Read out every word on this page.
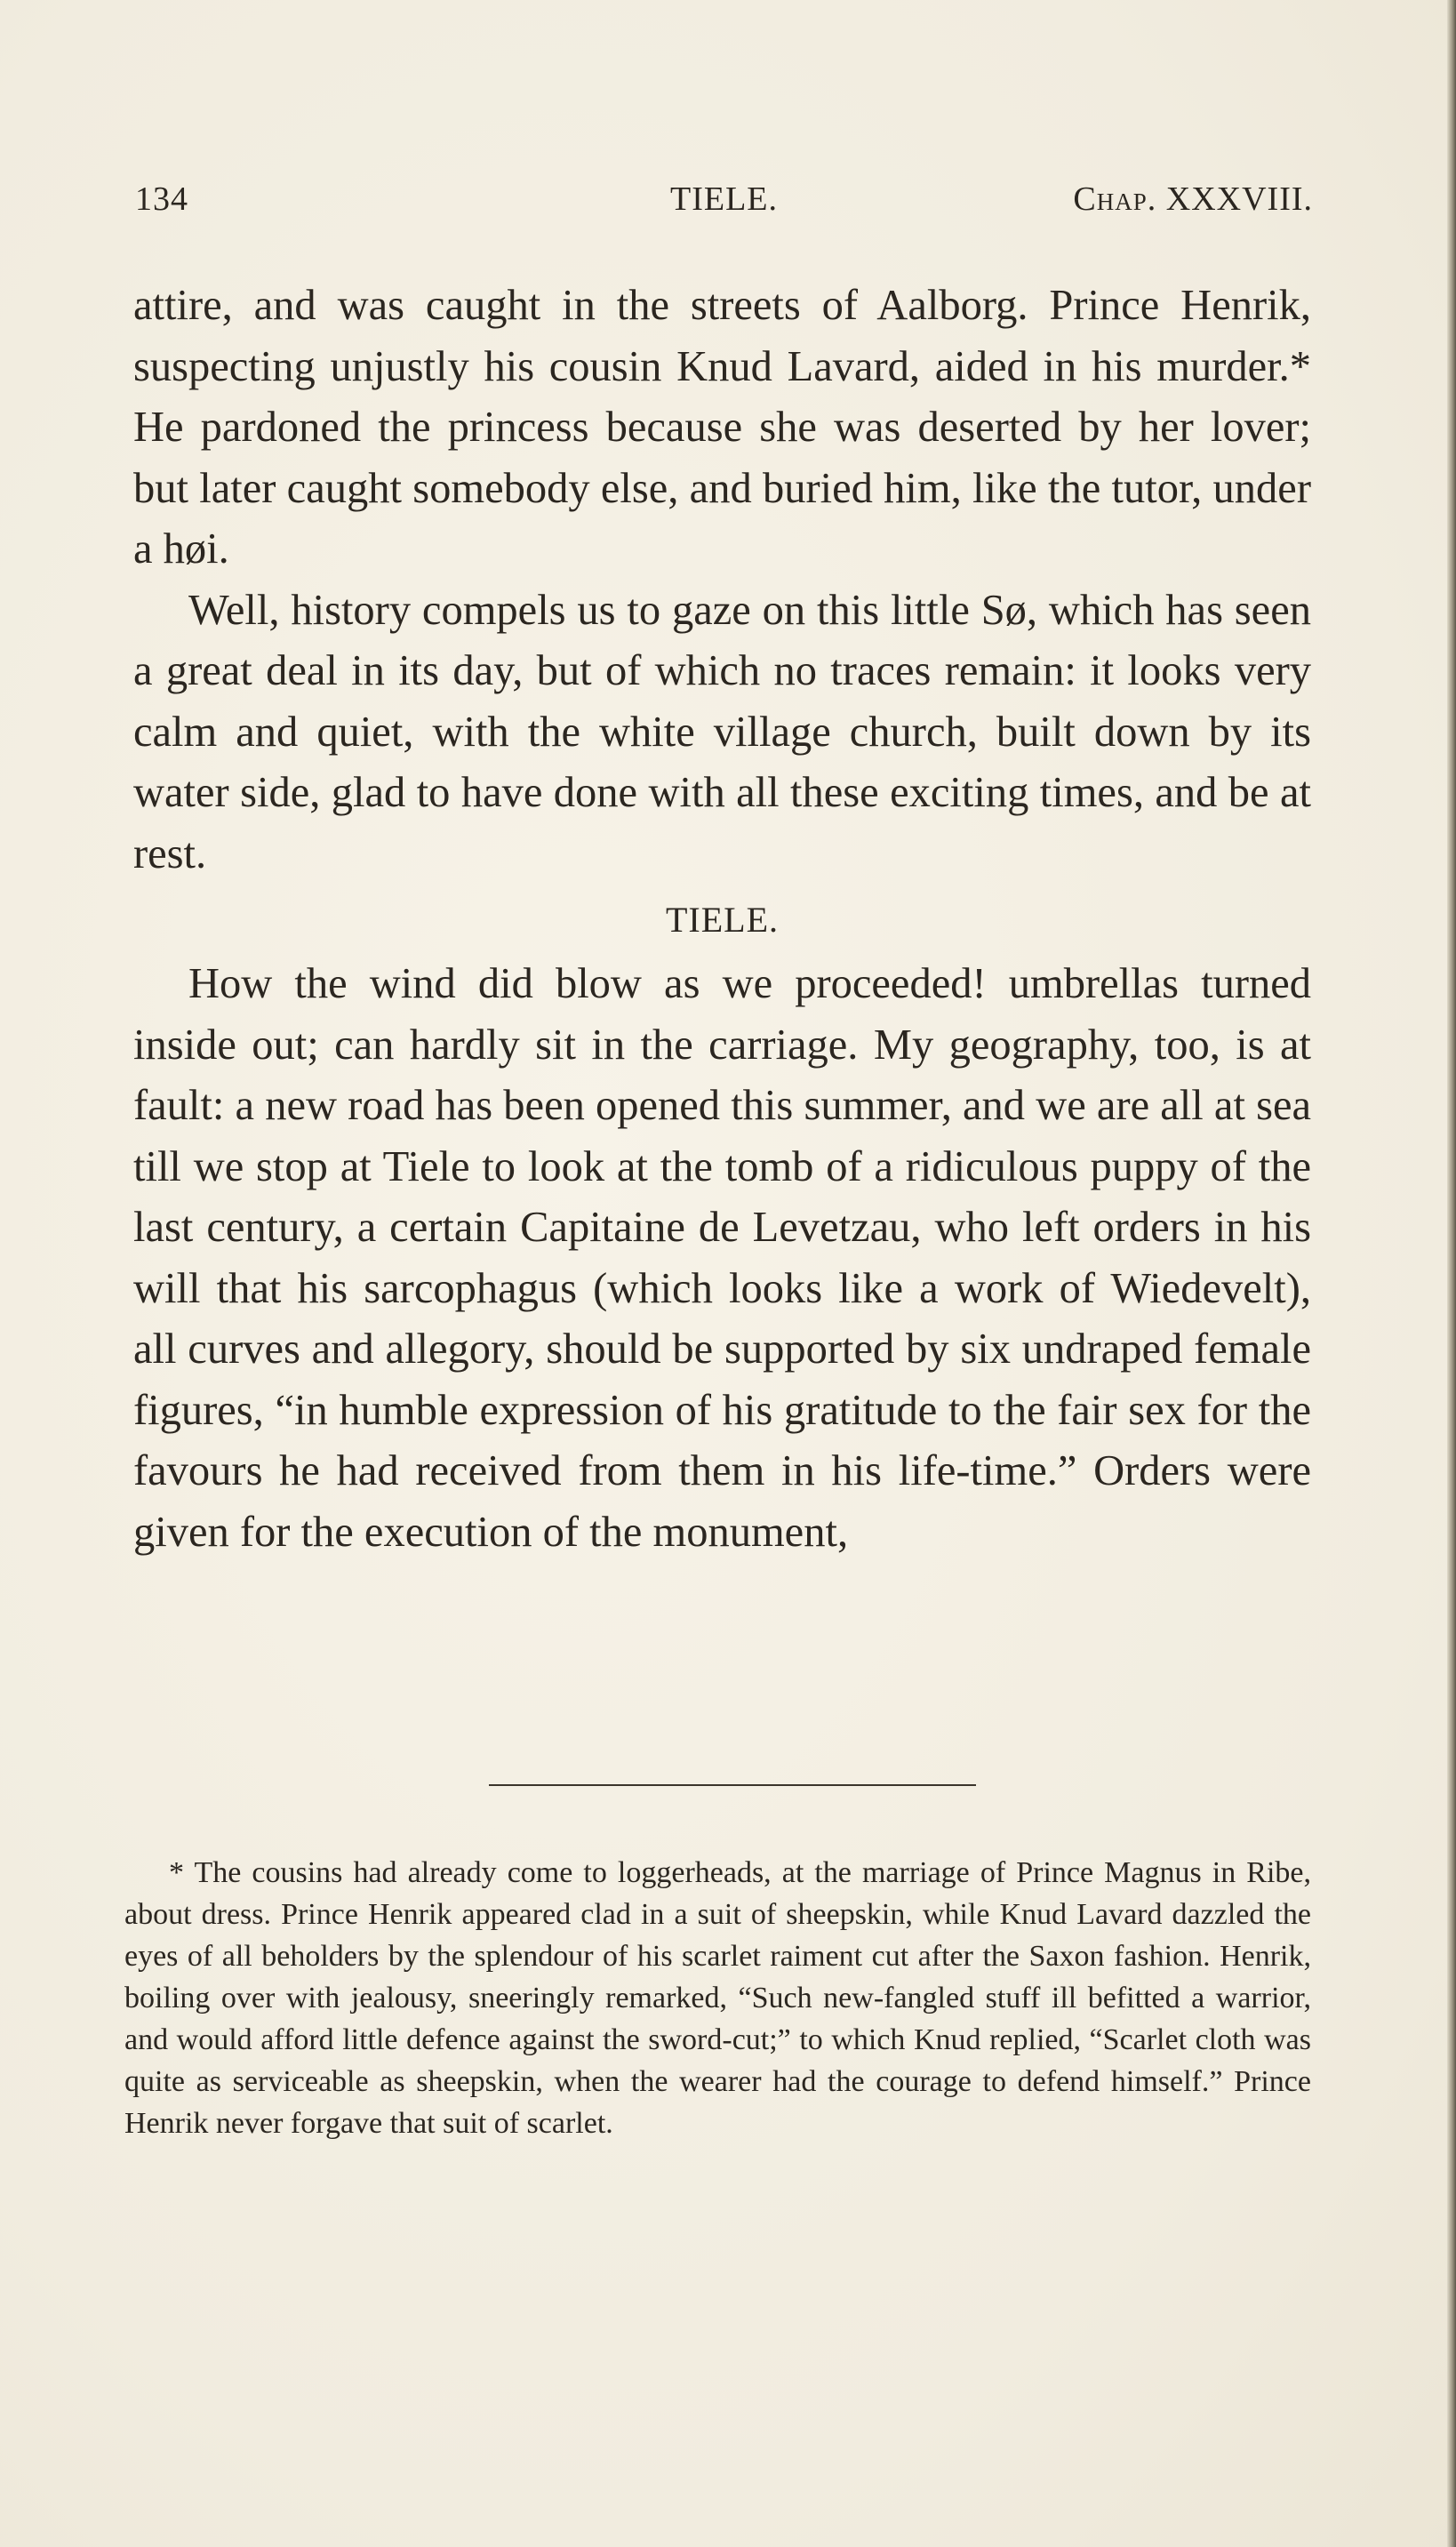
134	TIELE.	Chap. XXXVIII.

attire, and was caught in the streets of Aalborg. Prince Henrik, suspecting unjustly his cousin Knud Lavard, aided in his murder.* He pardoned the princess because she was deserted by her lover; but later caught somebody else, and buried him, like the tutor, under a høi.

Well, history compels us to gaze on this little Sø, which has seen a great deal in its day, but of which no traces remain: it looks very calm and quiet, with the white village church, built down by its water side, glad to have done with all these exciting times, and be at rest.

TIELE.

How the wind did blow as we proceeded! umbrellas turned inside out; can hardly sit in the carriage. My geography, too, is at fault: a new road has been opened this summer, and we are all at sea till we stop at Tiele to look at the tomb of a ridiculous puppy of the last century, a certain Capitaine de Levetzau, who left orders in his will that his sarcophagus (which looks like a work of Wiedevelt), all curves and allegory, should be supported by six undraped female figures, “in humble expression of his gratitude to the fair sex for the favours he had received from them in his life-time.” Orders were given for the execution of the monument,

* The cousins had already come to loggerheads, at the marriage of Prince Magnus in Ribe, about dress. Prince Henrik appeared clad in a suit of sheepskin, while Knud Lavard dazzled the eyes of all beholders by the splendour of his scarlet raiment cut after the Saxon fashion. Henrik, boiling over with jealousy, sneeringly remarked, “Such new-fangled stuff ill befitted a warrior, and would afford little defence against the sword-cut;” to which Knud replied, “Scarlet cloth was quite as serviceable as sheepskin, when the wearer had the courage to defend himself.” Prince Henrik never forgave that suit of scarlet.
